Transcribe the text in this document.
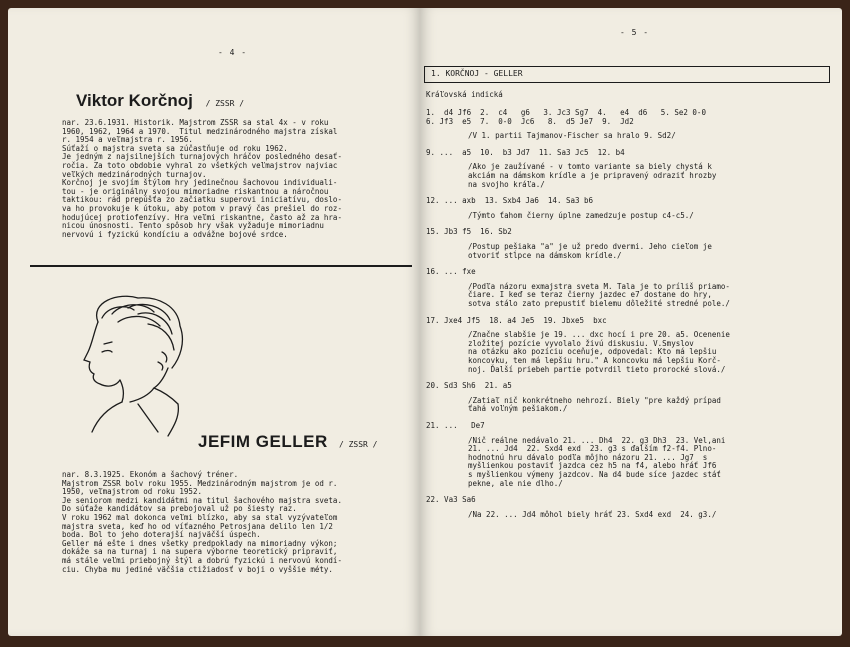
- 4 -
Viktor Korčnoj / ZSSR /
nar. 23.6.1931. Historik. Majstrom ZSSR sa stal 4x - v roku
1960, 1962, 1964 a 1970.  Titul medzinárodného majstra získal
r. 1954 a veľmajstra r. 1956.
Súťaží o majstra sveta sa zúčastňuje od roku 1962.
Je jedným z najsilnejších turnajových hráčov posledného desať-
ročia. Za toto obdobie vyhral zo všetkých veľmajstrov najviac
veľkých medzinárodných turnajov.
Korčnoj je svojím štýlom hry jedinečnou šachovou individuali-
tou - je originálny svojou mimoriadne riskantnou a náročnou
taktikou: rád prepúšťa zo začiatku superovi iniciatívu, doslo-
va ho provokuje k útoku, aby potom v pravý čas prešiel do roz-
hodujúcej protiofenzívy. Hra veľmi riskantne, často až za hra-
nicou únosnosti. Tento spôsob hry však vyžaduje mimoriadnu
nervovú i fyzickú kondíciu a odvážne bojové srdce.
JEFIM GELLER / ZSSR /
nar. 8.3.1925. Ekonóm a šachový tréner.
Majstrom ZSSR bolv roku 1955. Medzinárodným majstrom je od r.
1950, veľmajstrom od roku 1952.
Je seniorom medzi kandidátmi na titul šachového majstra sveta.
Do súťaže kandidátov sa prebojoval už po šiesty raz.
V roku 1962 mal dokonca veľmi blízko, aby sa stal vyzývateľom
majstra sveta, keď ho od víťazného Petrosjana delilo len 1/2
boda. Bol to jeho doterajší najväčší úspech.
Geller má ešte i dnes všetky predpoklady na mimoriadny výkon;
dokáže sa na turnaj i na superа výborne teoretický pripraviť,
má stále veľmi priebojný štýl a dobrú fyzickú i nervovú kondí-
ciu. Chyba mu jediné väčšia ctižiadosť v boji o vyššie méty.
- 5 -
1. KORČNOJ - GELLER
Kráľovská indická
1.  d4 Jf6  2.  c4   g6   3. Jc3 Sg7  4.   e4  d6   5. Se2 0-0
6. Jf3  e5  7.  0-0  Jc6   8.  d5 Je7  9.  Jd2
/V 1. partii Tajmanov-Fischer sa hralo 9. Sd2/
9. ...  a5  10.  b3 Jd7  11. Sa3 Jc5  12. b4
/Ako je zaužívané - v tomto variante sa biely chystá k
akciám na dámskom krídle a je pripravený odraziť hrozby
na svojho kráľa./
12. ... axb  13. Sxb4 Ja6  14. Sa3 b6
/Týmto ťahom čierny úplne zamedzuje postup c4-c5./
15. Jb3 f5  16. Sb2
/Postup pešiaka "a" je už predo dvermi. Jeho cieľom je
otvoriť stĺpce na dámskom krídle./
16. ... fxe
/Podľa názoru exmajstra sveta M. Tala je to príliš priamo-
čiare. I keď se teraz čierny jazdec e7 dostane do hry,
sotva stálo zato prepustiť bielemu dôležité stredné pole./
17. Jxe4 Jf5  18. a4 Je5  19. Jbxe5  bxc
/Značne slabšie je 19. ... dxc hocí i pre 20. a5. Ocenenie
zložitej pozície vyvolalo živú diskusiu. V.Smyslov
na otázku ako pozíciu oceňuje, odpovedal: Kto má lepšiu
koncovku, ten má lepšiu hru." A koncovku má lepšiu Korč-
noj. Ďalší priebeh partie potvrdil tieto prorocké slová./
20. Sd3 Sh6  21. a5
/Zatiaľ nič konkrétneho nehrozí. Biely "pre každý prípad
ťahá voľným pešiakom./
21. ...   De7
/Nič reálne nedávalo 21. ... Dh4  22. g3 Dh3  23. Vel,ani
21. ... Jd4  22. Sxd4 exd  23. g3 s ďalším f2-f4. Plno-
hodnotnú hru dávalo podľa môjho názoru 21. ... Jg7  s
myšlienkou postaviť jazdca cez h5 na f4, alebo hráť Jf6
s myšlienkou výmeny jazdcov. Na d4 bude síce jazdec stáť
pekne, ale nie dlho./
22. Va3 Sa6
/Na 22. ... Jd4 môhol biely hráť 23. Sxd4 exd  24. g3./
